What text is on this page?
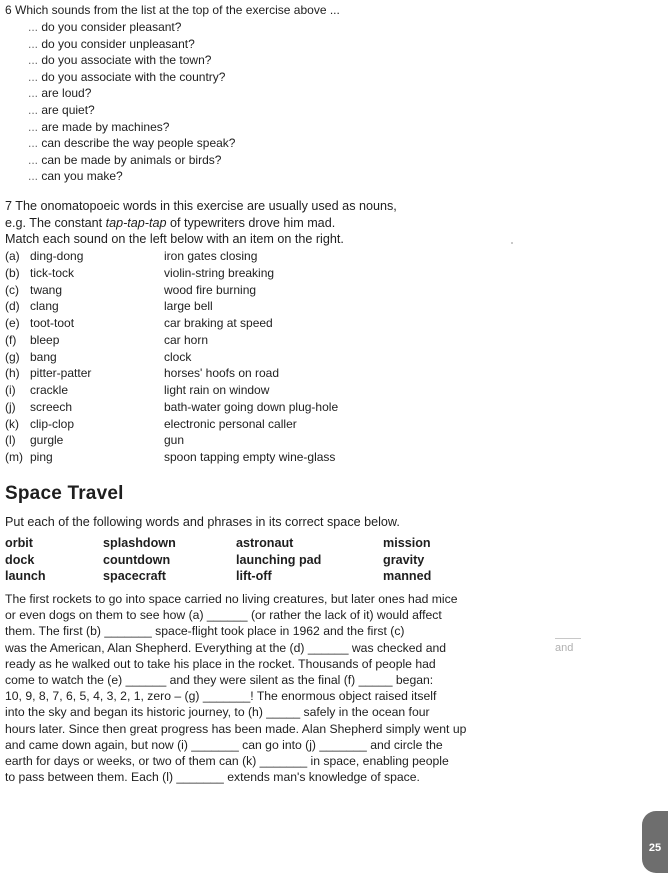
6 Which sounds from the list at the top of the exercise above ...
... do you consider pleasant?
... do you consider unpleasant?
... do you associate with the town?
... do you associate with the country?
... are loud?
... are quiet?
... are made by machines?
... can describe the way people speak?
... can be made by animals or birds?
... can you make?

7 The onomatopoeic words in this exercise are usually used as nouns,

e.g. The constant tap-tap-tap of typewriters drove him mad.

Match each sound on the left below with an item on the right.

(a) ding-dong	iron gates closing
(b) tick-tock	violin-string breaking
(c) twang	wood fire burning
(d) clang	large bell
(e) toot-toot	car braking at speed
(f)	bleep	car horn
(g) bang	clock
(h) pitter-patter	horses' hoofs on road
(i)	crackle	light rain on window
(j)	screech	bath-water going down plug-hole
(k) clip-clop	electronic personal caller
(l)	gurgle	gun
(m) ping	spoon tapping empty wine-glass
Space Travel
Put each of the following words and phrases in its correct space below.
orbit	splashdown	astronaut	mission
dock	countdown	launching pad	gravity
launch	spacecraft	lift-off	manned
The first rockets to go into space carried no living creatures, but later ones had mice
or even dogs on them to see how (a) ______ (or rather the lack of it) would affect
them. The first (b) _______ space-flight took place in 1962 and the first (c)
was the American, Alan Shepherd. Everything at the (d) ______ was checked and
ready as he walked out to take his place in the rocket. Thousands of people had
come to watch the (e) ______ and they were silent as the final (f) _____ began:
10, 9, 8, 7, 6, 5, 4, 3, 2, 1, zero – (g) _______! The enormous object raised itself
into the sky and began its historic journey, to (h) _____ safely in the ocean four
hours later. Since then great progress has been made. Alan Shepherd simply went up
and came down again, but now (i) _______ can go into (j) _______ and circle the
earth for days or weeks, or two of them can (k) _______ in space, enabling people
to pass between them. Each (l) _______ extends man's knowledge of space.
and
25
